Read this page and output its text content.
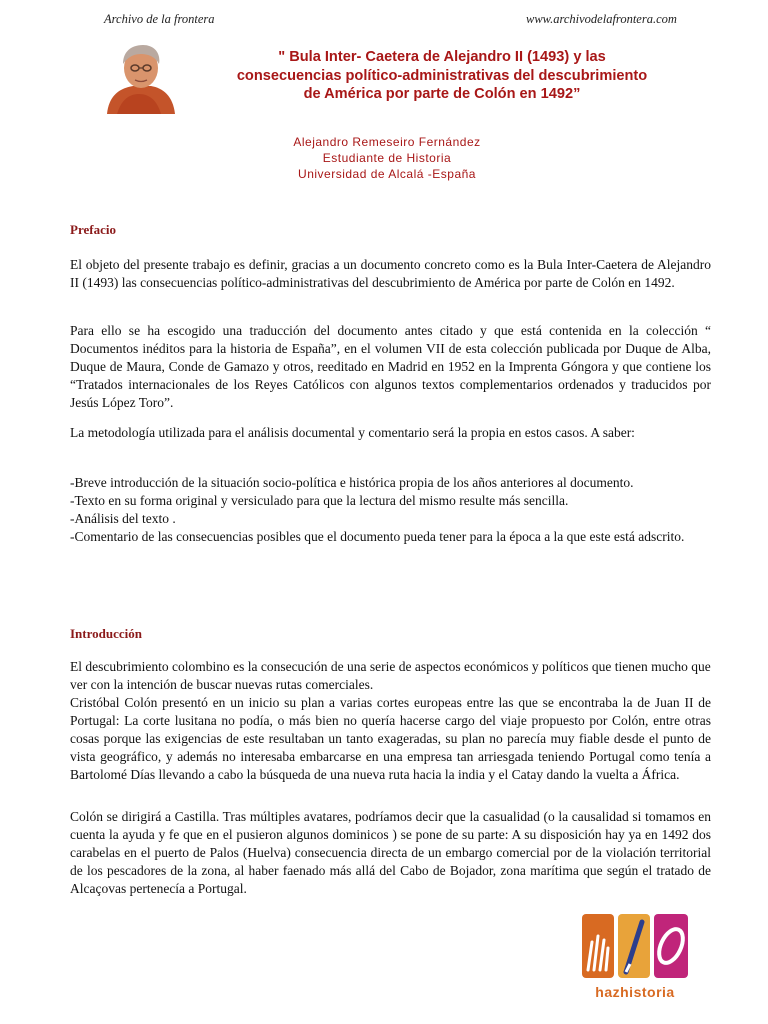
Archivo de la frontera	www.archivodelafrontera.com
" Bula Inter- Caetera de Alejandro II (1493) y las
consecuencias político-administrativas del descubrimiento
de América por parte de Colón en 1492”
Alejandro Remeseiro Fernández
Estudiante de Historia
Universidad de Alcalá -España
Prefacio

El objeto del presente trabajo es definir, gracias a un documento concreto como es la Bula Inter-Caetera de Alejandro II (1493) las consecuencias político-administrativas del descubrimiento de América por parte de Colón en 1492.

Para ello se ha escogido una traducción del documento antes citado y que está contenida en la colección “ Documentos inéditos para la historia de España”, en el volumen VII de esta colección publicada por Duque de Alba, Duque de Maura, Conde de Gamazo y otros, reeditado en Madrid en 1952 en la Imprenta Góngora y que contiene los “Tratados internacionales de los Reyes Católicos con algunos textos complementarios ordenados y traducidos por Jesús López Toro”.

La metodología utilizada para el análisis documental y comentario será la propia en estos casos. A saber:

-Breve introducción de la situación socio-política e histórica propia de los años anteriores al documento.
-Texto en su forma original y versiculado para que la lectura del mismo resulte más sencilla.
-Análisis del texto .
-Comentario de las consecuencias posibles que el documento pueda tener para la época a la que este está adscrito.
Introducción

El descubrimiento colombino es la consecución de una serie de aspectos económicos y políticos que tienen mucho que ver con la intención de buscar nuevas rutas comerciales.

Cristóbal Colón presentó en un inicio su plan a varias cortes europeas entre las que se encontraba la de Juan II de Portugal: La corte lusitana no podía, o más bien no quería hacerse cargo del viaje propuesto por Colón, entre otras cosas porque las exigencias de este resultaban un tanto exageradas, su plan no parecía muy fiable desde el punto de vista geográfico, y además no interesaba embarcarse en una empresa tan arriesgada teniendo Portugal como tenía a Bartolomé Días llevando a cabo la búsqueda de una nueva ruta hacia la india y el Catay dando la vuelta a África.

Colón se dirigirá a Castilla. Tras múltiples avatares, podríamos decir que la casualidad (o la causalidad si tomamos en cuenta la ayuda y fe que en el pusieron algunos dominicos ) se pone de su parte: A su disposición hay ya en 1492 dos carabelas en el puerto de Palos (Huelva) consecuencia directa de un embargo comercial por de la violación territorial de los pescadores de la zona, al haber faenado más allá del Cabo de Bojador, zona marítima que según el tratado de Alcaçovas pertenecía a Portugal.

hazhistoria
